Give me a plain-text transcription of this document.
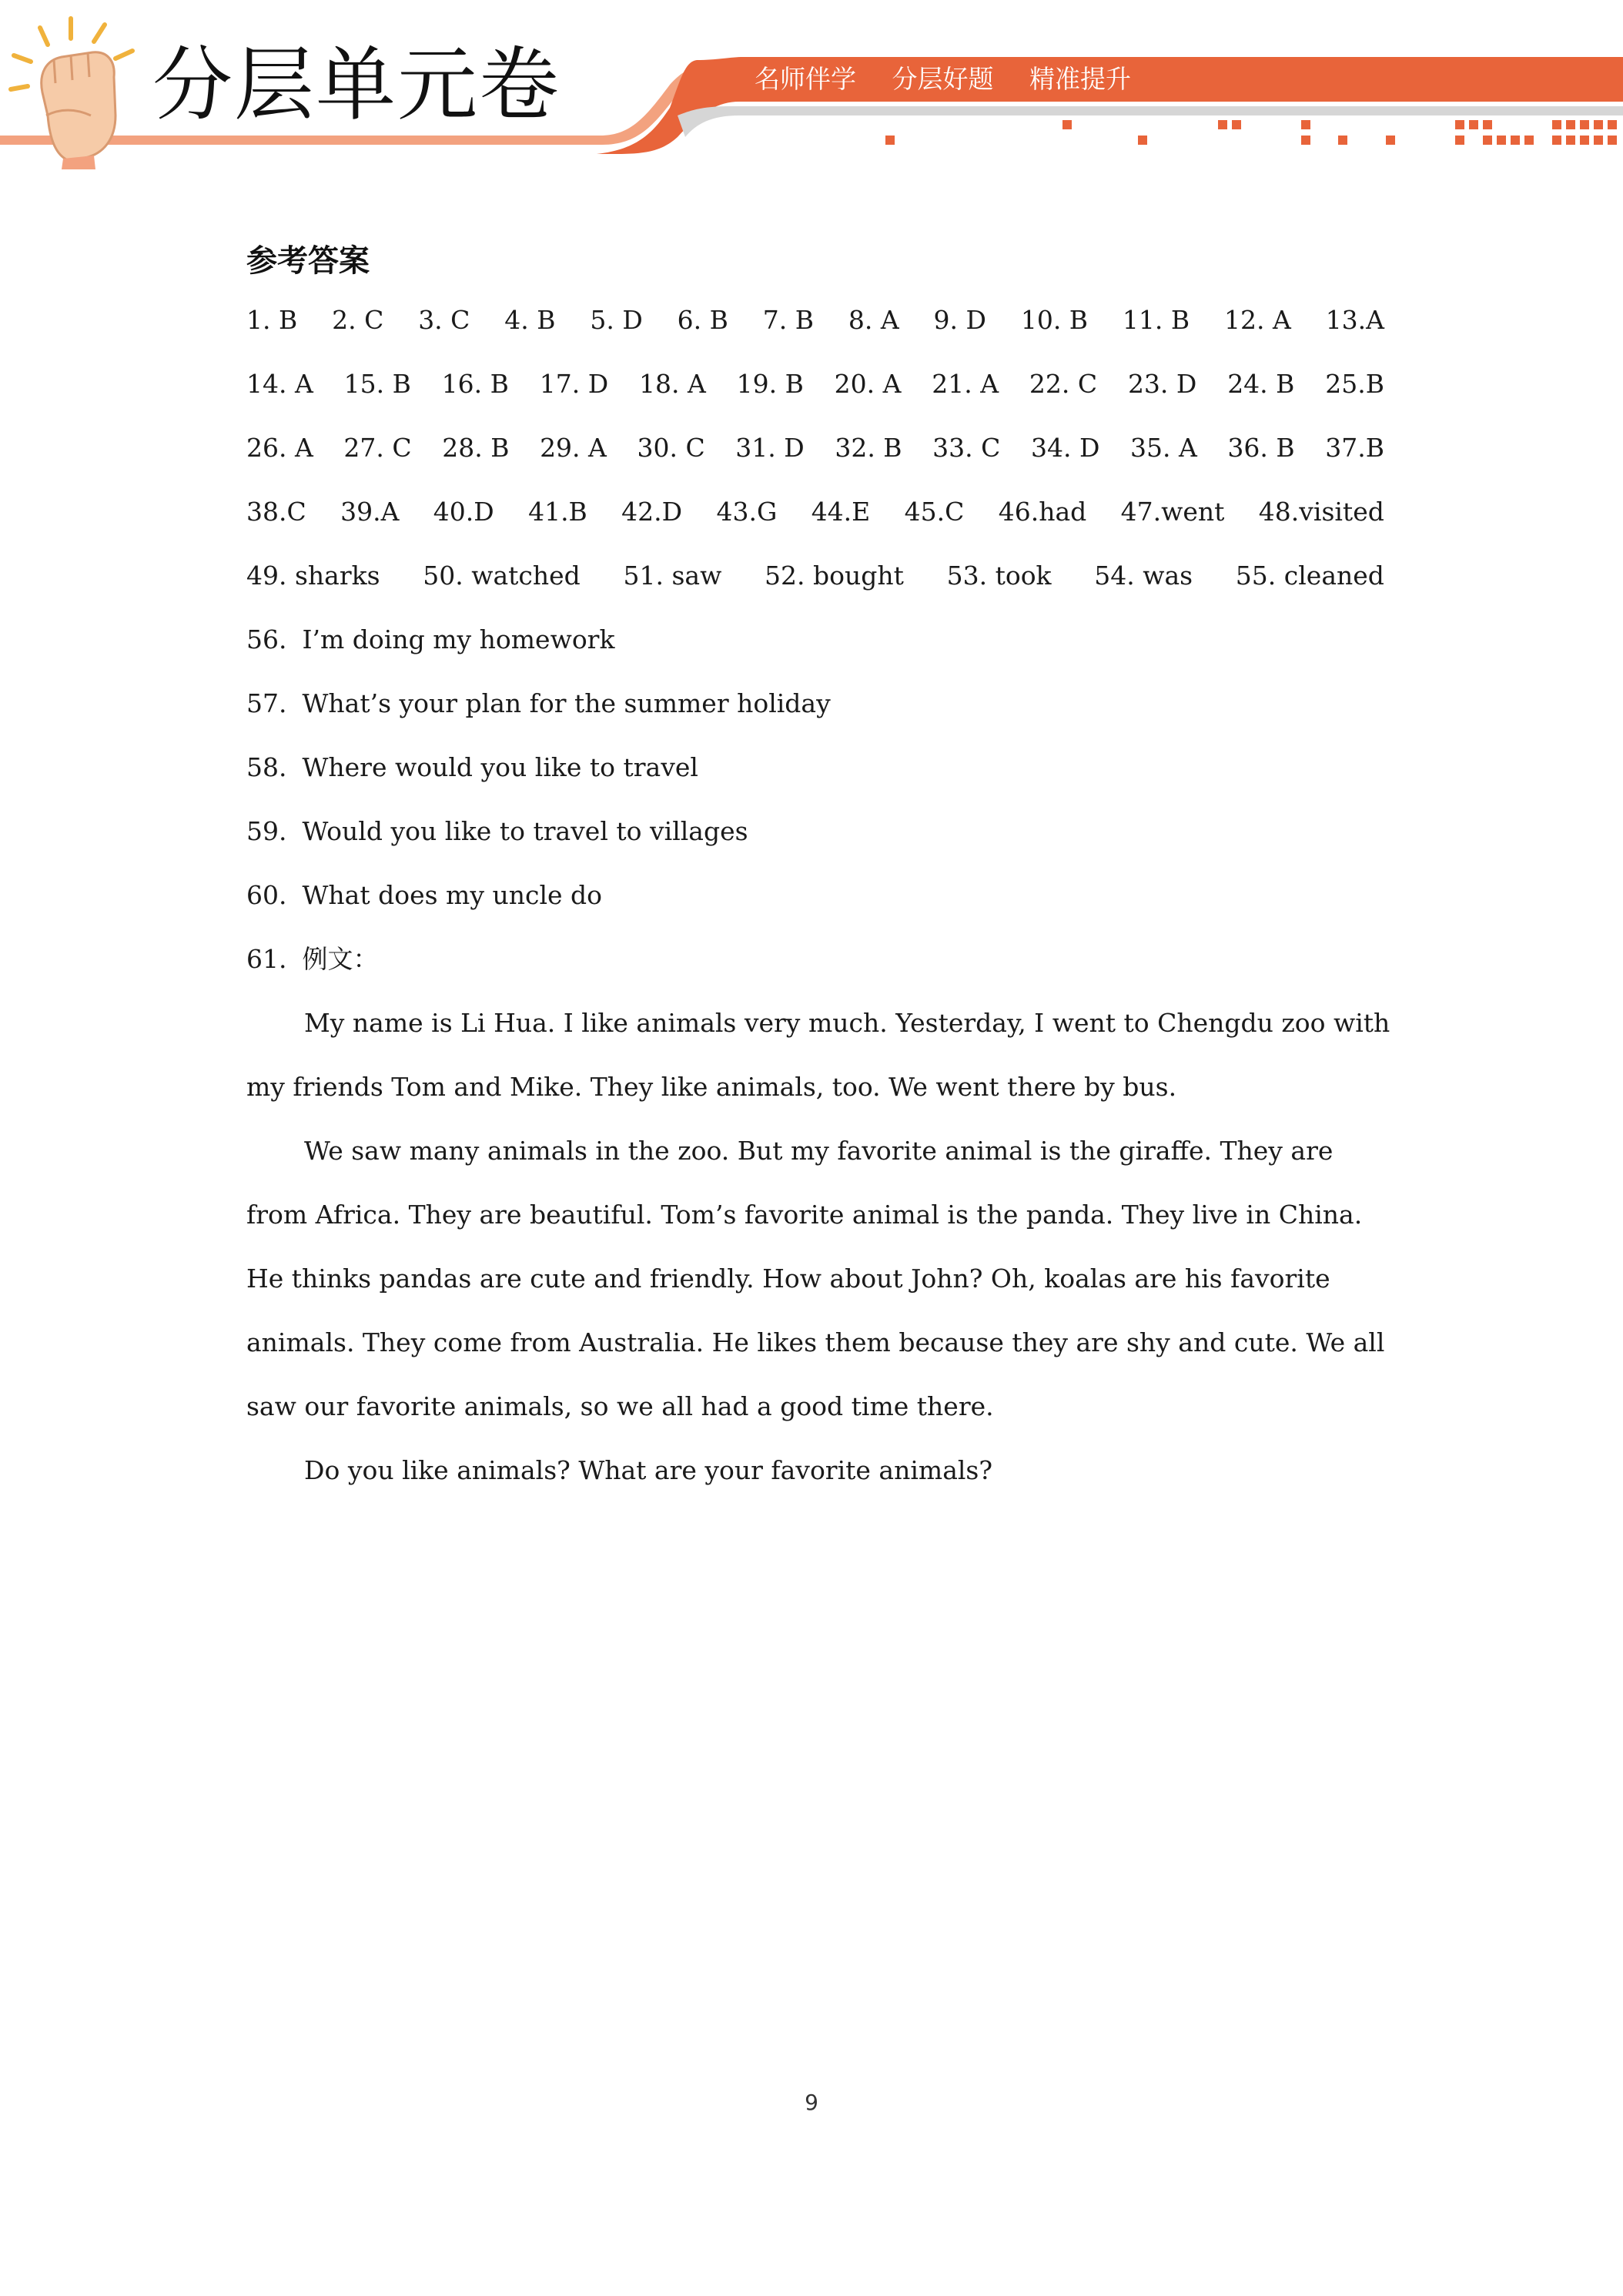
分层单元卷	名师伴学 分层好题 精准提升
参考答案
1. B 2. C 3. C 4. B 5. D 6. B 7. B 8. A 9. D 10. B 11. B 12. A 13.A
14. A 15. B 16. B 17. D 18. A 19. B 20. A 21. A 22. C 23. D 24. B 25.B
26. A 27. C 28. B 29. A 30. C 31. D 32. B 33. C 34. D 35. A 36. B 37.B
38.C 39.A 40.D 41.B 42.D 43.G 44.E 45.C 46.had 47.went 48.visited
49. sharks 50. watched 51. saw 52. bought 53. took 54. was 55. cleaned
56. I’m doing my homework
57. What’s your plan for the summer holiday
58. Where would you like to travel
59. Would you like to travel to villages
60. What does my uncle do
61. 例文：

My name is Li Hua. I like animals very much. Yesterday, I went to Chengdu zoo with my friends Tom and Mike. They like animals, too. We went there by bus.

We saw many animals in the zoo. But my favorite animal is the giraffe. They are from Africa. They are beautiful. Tom’s favorite animal is the panda. They live in China. He thinks pandas are cute and friendly. How about John? Oh, koalas are his favorite animals. They come from Australia. He likes them because they are shy and cute. We all saw our favorite animals, so we all had a good time there.

Do you like animals? What are your favorite animals?

9
